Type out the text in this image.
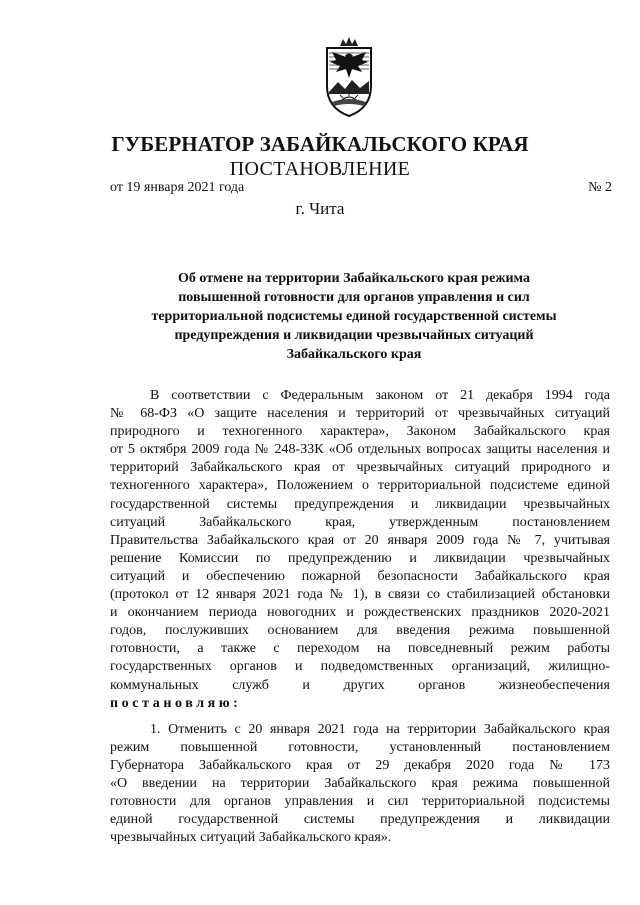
ГУБЕРНАТОР ЗАБАЙКАЛЬСКОГО КРАЯ
ПОСТАНОВЛЕНИЕ
от 19 января 2021 года	№ 2
г. Чита
Об отмене на территории Забайкальского края режима
повышенной готовности для органов управления и сил
территориальной подсистемы единой государственной системы
предупреждения и ликвидации чрезвычайных ситуаций
Забайкальского края

В соответствии с Федеральным законом от 21 декабря 1994 года
№ 68-ФЗ «О защите населения и территорий от чрезвычайных ситуаций
природного и техногенного характера», Законом Забайкальского края
от 5 октября 2009 года № 248-ЗЗК «Об отдельных вопросах защиты населения и
территорий Забайкальского края от чрезвычайных ситуаций природного и
техногенного характера», Положением о территориальной подсистеме единой
государственной системы предупреждения и ликвидации чрезвычайных
ситуаций Забайкальского края, утвержденным постановлением
Правительства Забайкальского края от 20 января 2009 года № 7, учитывая
решение Комиссии по предупреждению и ликвидации чрезвычайных
ситуаций и обеспечению пожарной безопасности Забайкальского края
(протокол от 12 января 2021 года № 1), в связи со стабилизацией обстановки
и окончанием периода новогодних и рождественских праздников 2020-2021
годов, послуживших основанием для введения режима повышенной
готовности, а также с переходом на повседневный режим работы
государственных органов и подведомственных организаций, жилищно-
коммунальных служб и других органов жизнеобеспечения
постановляю:

1. Отменить с 20 января 2021 года на территории Забайкальского края
режим повышенной готовности, установленный постановлением
Губернатора Забайкальского края от 29 декабря 2020 года № 173
«О введении на территории Забайкальского края режима повышенной
готовности для органов управления и сил территориальной подсистемы
единой государственной системы предупреждения и ликвидации
чрезвычайных ситуаций Забайкальского края».
